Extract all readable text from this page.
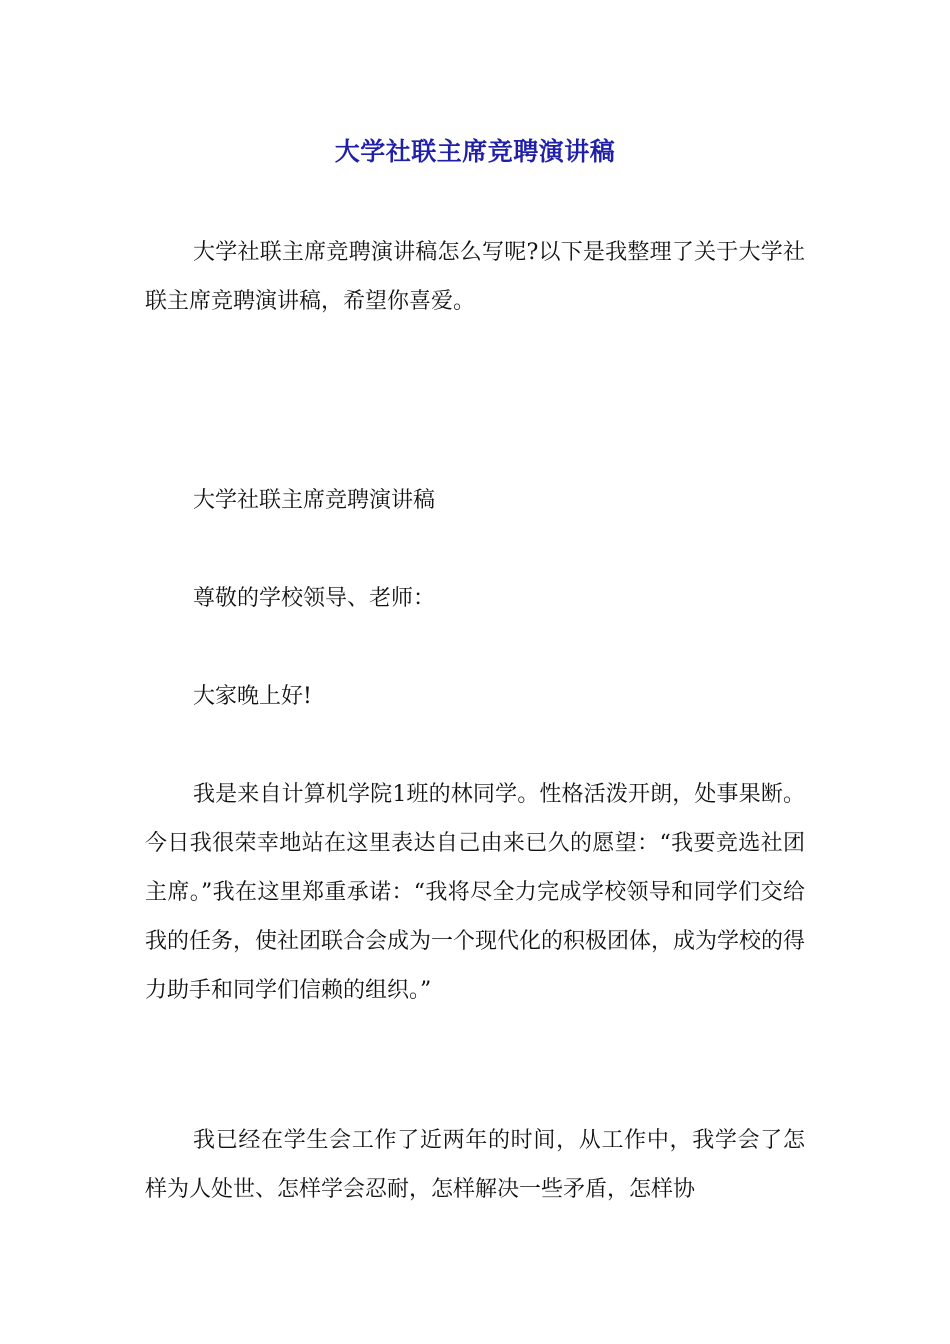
大学社联主席竞聘演讲稿

大学社联主席竞聘演讲稿怎么写呢?以下是我整理了关于大学社联主席竞聘演讲稿，希望你喜爱。

大学社联主席竞聘演讲稿

尊敬的学校领导、老师：

大家晚上好!

我是来自计算机学院1班的林同学。性格活泼开朗，处事果断。今日我很荣幸地站在这里表达自己由来已久的愿望：“我要竞选社团主席。”我在这里郑重承诺：“我将尽全力完成学校领导和同学们交给我的任务，使社团联合会成为一个现代化的积极团体，成为学校的得力助手和同学们信赖的组织。”

我已经在学生会工作了近两年的时间，从工作中，我学会了怎样为人处世、怎样学会忍耐，怎样解决一些矛盾，怎样协
